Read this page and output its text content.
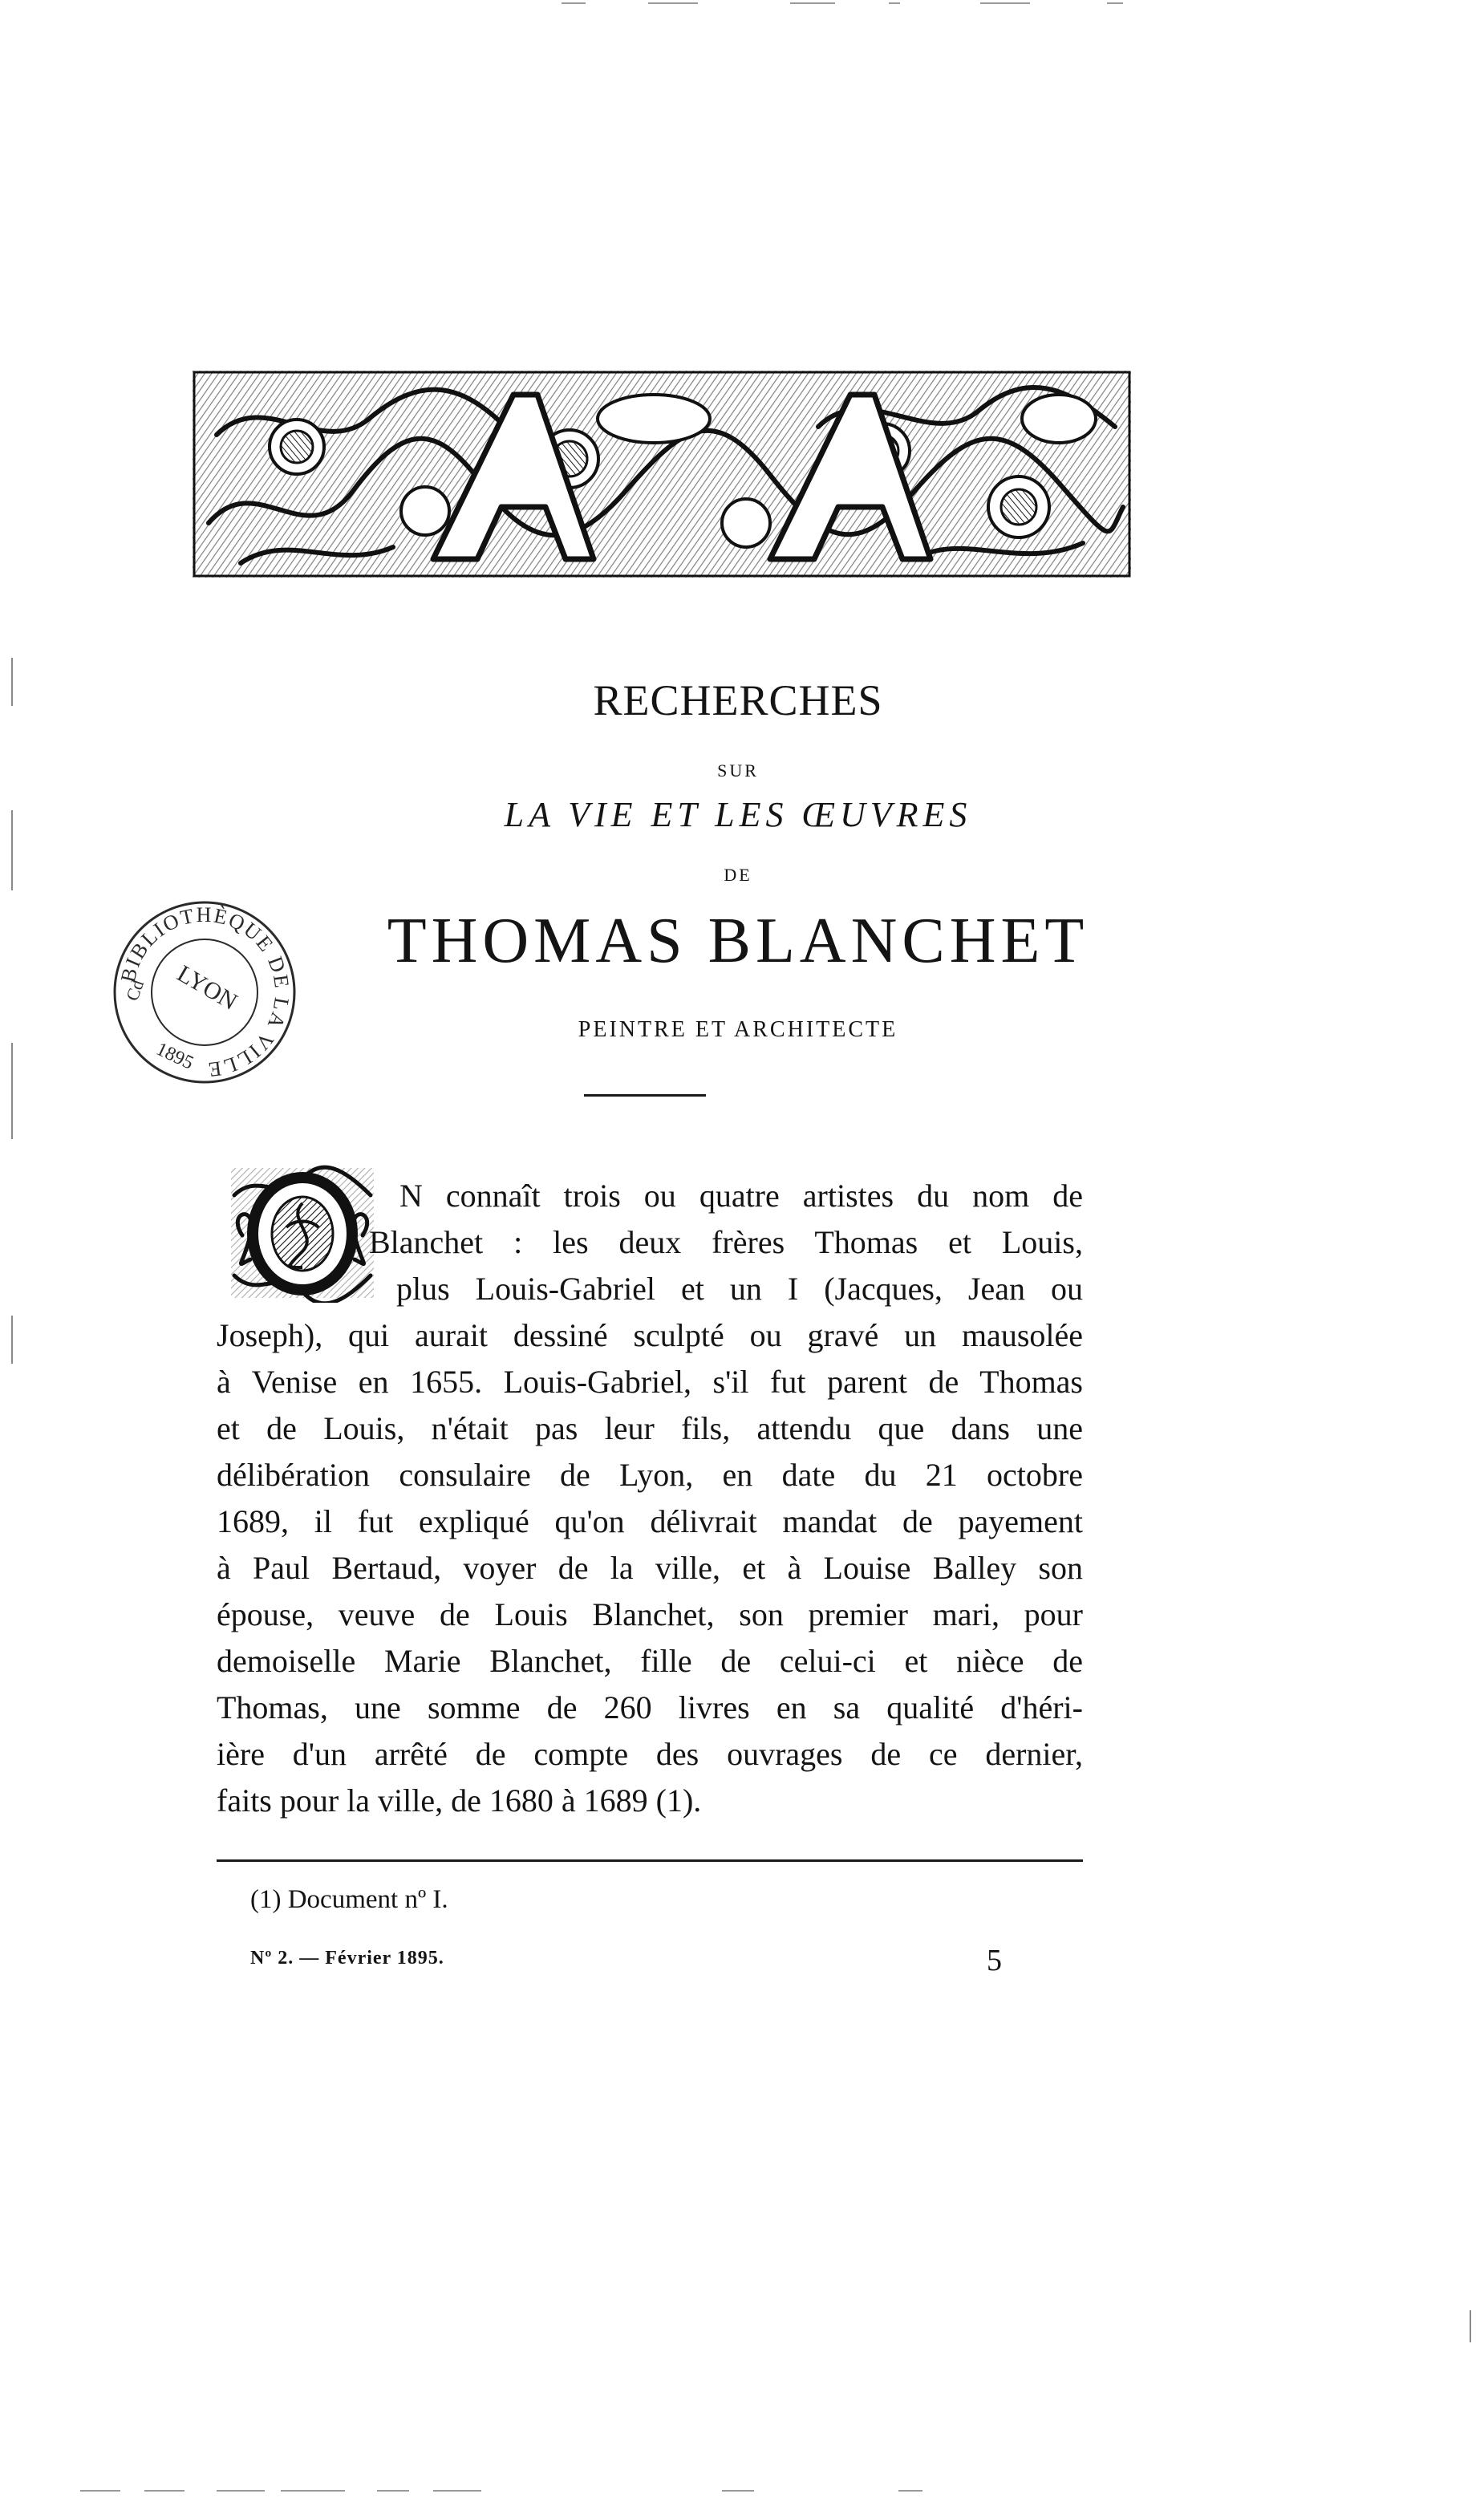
RECHERCHES
SUR
LA VIE ET LES ŒUVRES
DE
THOMAS BLANCHET
PEINTRE ET ARCHITECTE
BIBLIOTHÈQUE DE LA VILLE
LYON
1895
Cd
N connaît trois ou quatre artistes du nom de
Blanchet : les deux frères Thomas et Louis,
plus Louis-Gabriel et un I (Jacques, Jean ou
Joseph), qui aurait dessiné sculpté ou gravé un mausolée
à Venise en 1655. Louis-Gabriel, s'il fut parent de Thomas
et de Louis, n'était pas leur fils, attendu que dans une
délibération consulaire de Lyon, en date du 21 octobre
1689, il fut expliqué qu'on délivrait mandat de payement
à Paul Bertaud, voyer de la ville, et à Louise Balley son
épouse, veuve de Louis Blanchet, son premier mari, pour
demoiselle Marie Blanchet, fille de celui-ci et nièce de
Thomas, une somme de 260 livres en sa qualité d'héri-
ière d'un arrêté de compte des ouvrages de ce dernier,
faits pour la ville, de 1680 à 1689 (1).
(1) Document nº I.
Nº 2. — Février 1895.	5
